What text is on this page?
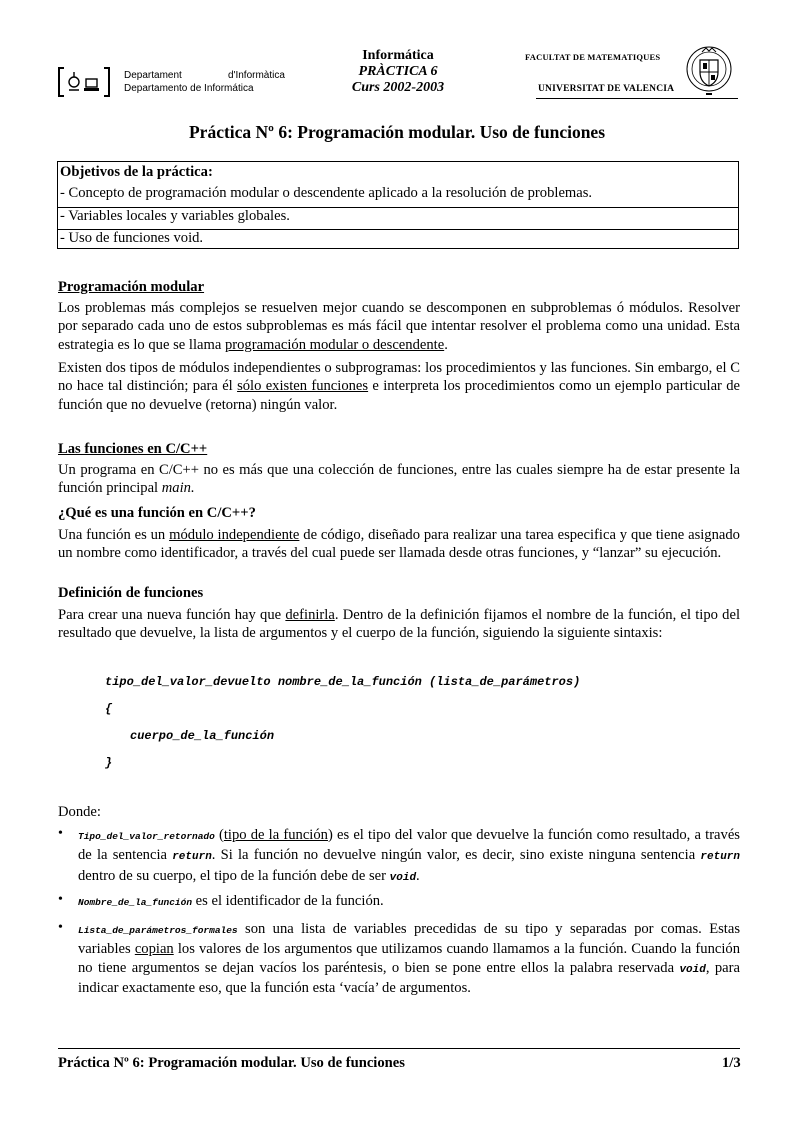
Departament	d'Informàtica
Departamento de Informática
Informática
PRÀCTICA 6
Curs 2002-2003
FACULTAT DE MATEMATIQUES
UNIVERSITAT DE VALENCIA
Práctica Nº 6: Programación modular. Uso de funciones
Objetivos de la práctica:
- Concepto de programación modular o descendente aplicado a la resolución de problemas.
- Variables locales y variables globales.
- Uso de funciones void.
Programación modular
Los problemas más complejos se resuelven mejor cuando se descomponen en subproblemas ó módulos. Resolver por separado cada uno de estos subproblemas es más fácil que intentar resolver el problema como una unidad. Esta estrategia es lo que se llama programación modular o descendente.
Existen dos tipos de módulos independientes o subprogramas: los procedimientos y las funciones. Sin embargo, el C no hace tal distinción; para él sólo existen funciones e interpreta los procedimientos como un ejemplo particular de función que no devuelve (retorna) ningún valor.
Las funciones en C/C++
Un programa en C/C++ no es más que una colección de funciones, entre las cuales siempre ha de estar presente la función principal main.
¿Qué es una función en C/C++?
Una función es un módulo independiente de código, diseñado para realizar una tarea especifica y que tiene asignado un nombre como identificador, a través del cual puede ser llamada desde otras funciones, y “lanzar” su ejecución.
Definición de funciones
Para crear una nueva función hay que definirla. Dentro de la definición fijamos el nombre de la función, el tipo del resultado que devuelve, la lista de argumentos y el cuerpo de la función, siguiendo la siguiente sintaxis:
tipo_del_valor_devuelto nombre_de_la_función (lista_de_parámetros)
{
cuerpo_de_la_función
}
Donde:
•	Tipo_del_valor_retornado (tipo de la función) es el tipo del valor que devuelve la función como resultado, a través de la sentencia return. Si la función no devuelve ningún valor, es decir, sino existe ninguna sentencia return dentro de su cuerpo, el tipo de la función debe de ser void.
•	Nombre_de_la_función es el identificador de la función.
•	Lista_de_parámetros_formales son una lista de variables precedidas de su tipo y separadas por comas. Estas variables copian los valores de los argumentos que utilizamos cuando llamamos a la función. Cuando la función no tiene argumentos se dejan vacíos los paréntesis, o bien se pone entre ellos la palabra reservada void, para indicar exactamente eso, que la función esta ‘vacía’ de argumentos.
Práctica Nº 6: Programación modular. Uso de funciones	1/3
